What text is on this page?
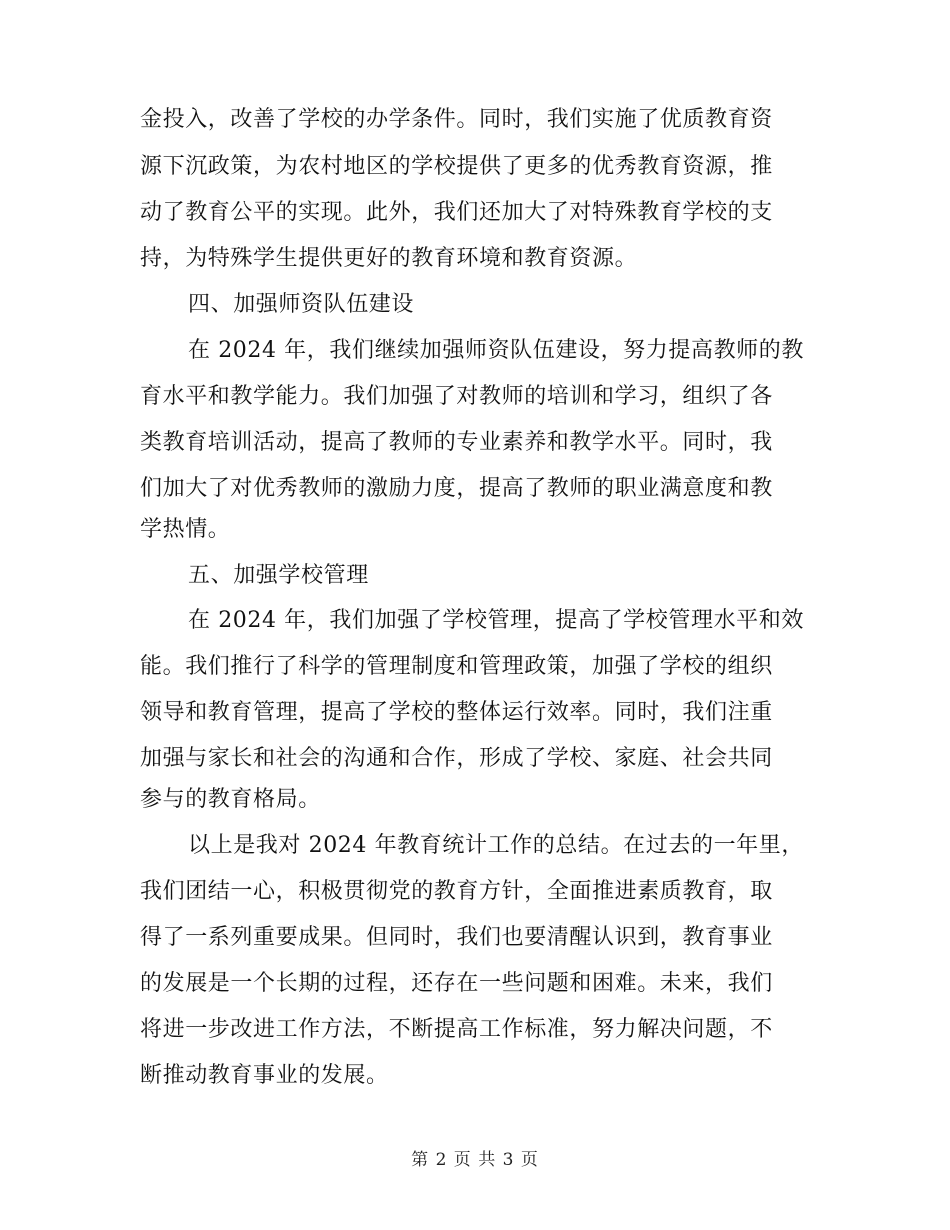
金投入，改善了学校的办学条件。同时，我们实施了优质教育资
源下沉政策，为农村地区的学校提供了更多的优秀教育资源，推
动了教育公平的实现。此外，我们还加大了对特殊教育学校的支
持，为特殊学生提供更好的教育环境和教育资源。
四、加强师资队伍建设
在 2024 年，我们继续加强师资队伍建设，努力提高教师的教
育水平和教学能力。我们加强了对教师的培训和学习，组织了各
类教育培训活动，提高了教师的专业素养和教学水平。同时，我
们加大了对优秀教师的激励力度，提高了教师的职业满意度和教
学热情。
五、加强学校管理
在 2024 年，我们加强了学校管理，提高了学校管理水平和效
能。我们推行了科学的管理制度和管理政策，加强了学校的组织
领导和教育管理，提高了学校的整体运行效率。同时，我们注重
加强与家长和社会的沟通和合作，形成了学校、家庭、社会共同
参与的教育格局。
以上是我对 2024 年教育统计工作的总结。在过去的一年里，
我们团结一心，积极贯彻党的教育方针，全面推进素质教育，取
得了一系列重要成果。但同时，我们也要清醒认识到，教育事业
的发展是一个长期的过程，还存在一些问题和困难。未来，我们
将进一步改进工作方法，不断提高工作标准，努力解决问题，不
断推动教育事业的发展。
第 2 页 共 3 页
